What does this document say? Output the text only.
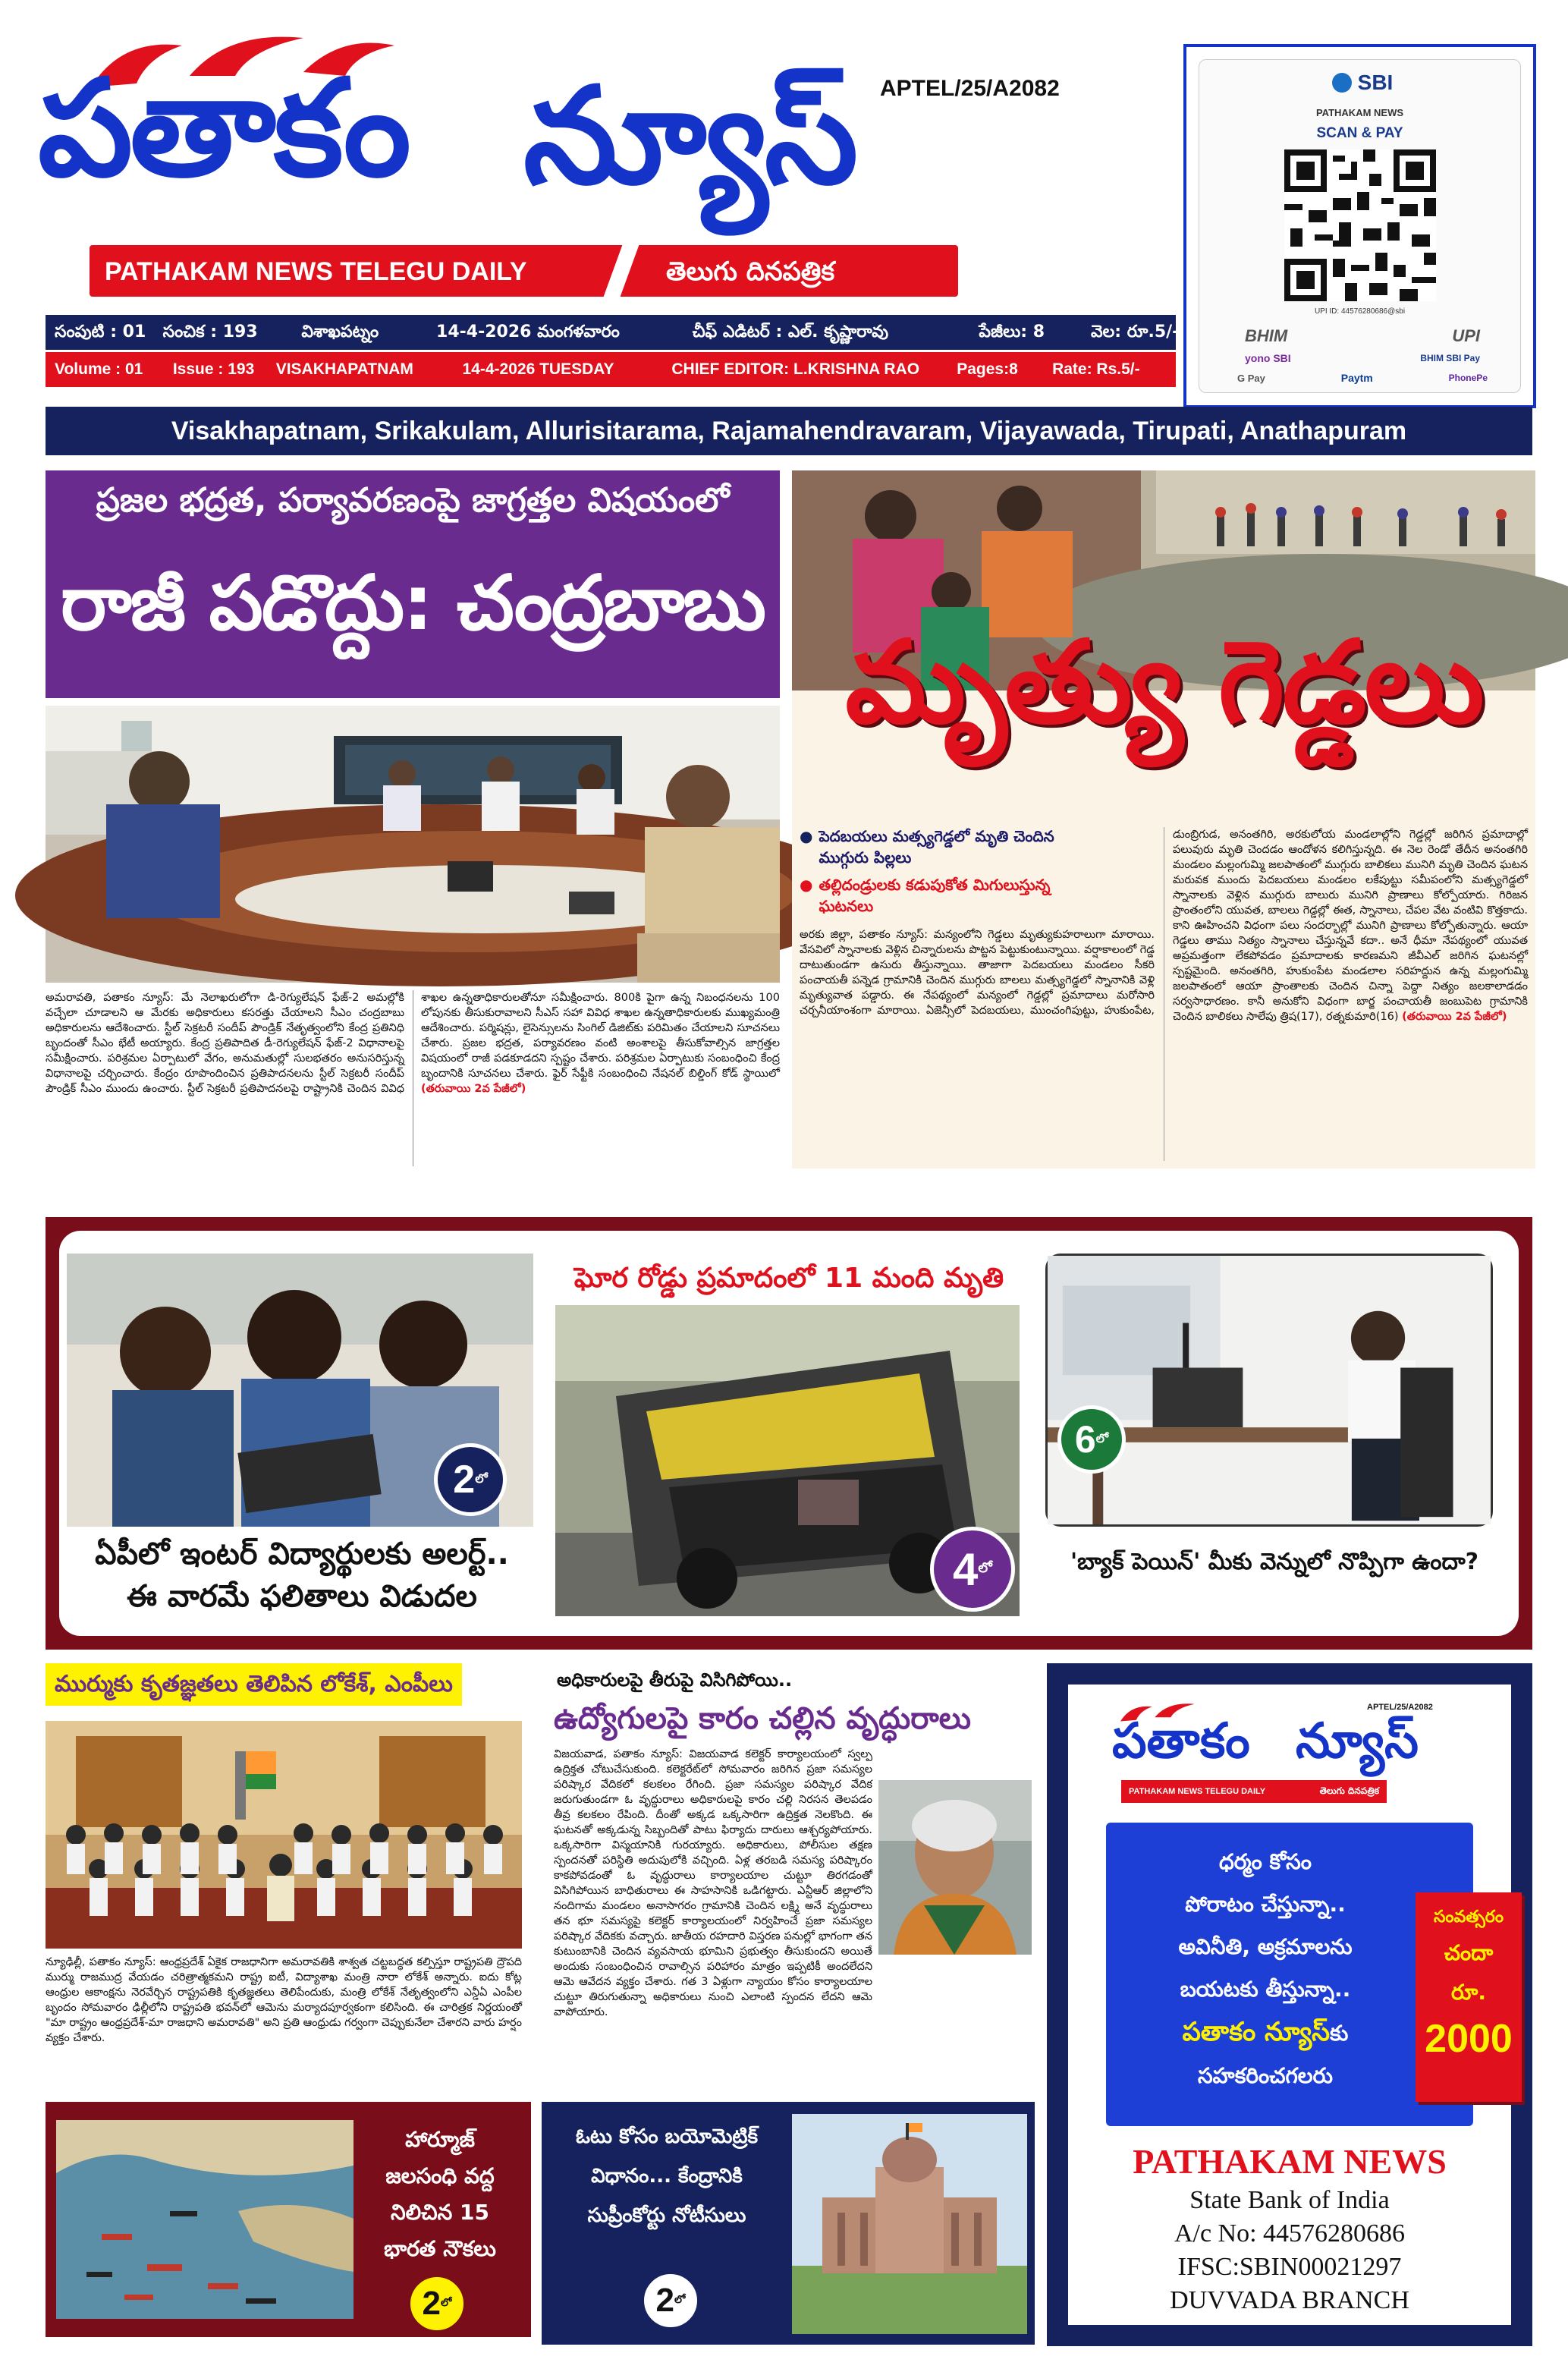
పతాకం న్యూస్	APTEL/25/A2082
PATHAKAM NEWS TELEGU DAILY	తెలుగు దినపత్రిక
సంపుటి : 01 సంచిక : 193	విశాఖపట్నం	14-4-2026 మంగళవారం	చీఫ్ ఎడిటర్ : ఎల్. కృష్ణారావు	పేజీలు: 8	వెల: రూ.5/-
Volume : 01 Issue : 193 VISAKHAPATNAM	14-4-2026 TUESDAY	CHIEF EDITOR: L.KRISHNA RAO Pages:8 Rate: Rs.5/-
SBI
PATHAKAM NEWS
SCAN & PAY
UPI ID: 44576280686@sbi
BHIM	UPI
yono SBI	BHIM SBI Pay
G Pay	Paytm	PhonePe
Visakhapatnam, Srikakulam, Allurisitarama, Rajamahendravaram, Vijayawada, Tirupati, Anathapuram
ప్రజల భద్రత, పర్యావరణంపై జాగ్రత్తల విషయంలో
రాజీ పడొద్దు: చంద్రబాబు

అమరావతి, పతాకం న్యూస్: మే నెలాఖరులోగా డి-రెగ్యులేషన్ ఫేజ్-2 అమల్లోకి వచ్చేలా చూడాలని ఆ మేరకు అధికారులు కసరత్తు చేయాలని సీఎం చంద్రబాబు అధికారులను ఆదేశించారు. స్టీల్ సెక్రటరీ సందీప్ పౌండ్రిక్ నేతృత్వంలోని కేంద్ర ప్రతినిధి బృందంతో సీఎం భేటీ అయ్యారు. కేంద్ర ప్రతిపాదిత డీ-రెగ్యులేషన్ ఫేజ్-2 విధానాలపై సమీక్షించారు. పరిశ్రమల ఏర్పాటులో వేగం, అనుమతుల్లో సులభతరం అనుసరిస్తున్న విధానాలపై చర్చించారు. కేంద్రం రూపొందించిన ప్రతిపాదనలను స్టీల్ సెక్రటరీ సందీప్ పౌండ్రిక్ సీఎం ముందు ఉంచారు. స్టీల్ సెక్రటరీ ప్రతిపాదనలపై రాష్ట్రానికి చెందిన వివిధ శాఖల ఉన్నతాధికారులతోనూ సమీక్షించారు. 800కి పైగా ఉన్న నిబంధనలను 100 లోపునకు తీసుకురావాలని సీఎస్ సహా వివిధ శాఖల ఉన్నతాధికారులకు ముఖ్యమంత్రి ఆదేశించారు. పర్మిషన్లు, లైసెన్సులను సింగిల్ డిజిట్‌కు పరిమితం చేయాలని సూచనలు చేశారు. ప్రజల భద్రత, పర్యావరణం వంటి అంశాలపై తీసుకోవాల్సిన జాగ్రత్తల విషయంలో రాజీ పడకూడదని స్పష్టం చేశారు. పరిశ్రమల ఏర్పాటుకు సంబంధించి కేంద్ర బృందానికి సూచనలు చేశారు. ఫైర్ సేఫ్టీకి సంబంధించి నేషనల్ బిల్డింగ్ కోడ్ స్థాయిలో (తరువాయి 2వ పేజీలో)

మృత్యు గెడ్డలు
● పెదబయలు మత్స్యగెడ్డలో మృతి చెందిన ముగ్గురు పిల్లలు
● తల్లిదండ్రులకు కడుపుకోత మిగులుస్తున్న ఘటనలు

అరకు జిల్లా, పతాకం న్యూస్: మన్యంలోని గెడ్డలు మృత్యుకుహరాలుగా మారాయి. వేసవిలో స్నానాలకు వెళ్లిన చిన్నారులను పొట్టన పెట్టుకుంటున్నాయి. వర్షాకాలంలో గెడ్డ దాటుతుండగా ఉసురు తీస్తున్నాయి. తాజాగా పెదబయలు మండలం సీకరి పంచాయతీ పన్నెడ గ్రామానికి చెందిన ముగ్గురు బాలలు మత్స్యగెడ్డలో స్నానానికి వెళ్లి మృత్యువాత పడ్డారు. ఈ నేపథ్యంలో మన్యంలో గెడ్డల్లో ప్రమాదాలు మరోసారి చర్చనీయాంశంగా మారాయి. ఏజెన్సీలో పెదబయలు, ముంచంగిపుట్టు, హుకుంపేట, డుంబ్రిగుడ, అనంతగిరి, అరకులోయ మండలాల్లోని గెడ్డల్లో జరిగిన ప్రమాదాల్లో పలువురు మృతి చెందడం ఆందోళన కలిగిస్తున్నది. ఈ నెల రెండో తేదీన అనంతగిరి మండలం మల్లంగుమ్మి జలపాతంలో ముగ్గురు బాలికలు మునిగి మృతి చెందిన ఘటన మరువక ముందు పెదబయలు మండలం లకేపుట్టు సమీపంలోని మత్స్యగెడ్డలో స్నానాలకు వెళ్లిన ముగ్గురు బాలురు మునిగి ప్రాణాలు కోల్పోయారు. గిరిజన ప్రాంతంలోని యువత, బాలలు గెడ్డల్లో ఈత, స్నానాలు, చేపల వేట వంటివి కొత్తకాదు. కాని ఊహించని విధంగా పలు సందర్భాల్లో మునిగి ప్రాణాలు కోల్పోతున్నారు. ఆయా గెడ్డలు తాము నిత్యం స్నానాలు చేస్తున్నవే కదా.. అనే ధీమా నేపథ్యంలో యువత అప్రమత్తంగా లేకపోవడం ప్రమాదాలకు కారణమని జీవీఎల్ జరిగిన ఘటనల్లో స్పష్టమైంది. అనంతగిరి, హుకుంపేట మండలాల సరిహద్దున ఉన్న మల్లంగుమ్మి జలపాతంలో ఆయా ప్రాంతాలకు చెందిన చిన్నా పెద్దా నిత్యం జలకాలాడడం సర్వసాధారణం. కానీ అనుకోని విధంగా బార్జ పంచాయతీ జంబుపెట గ్రామానికి చెందిన బాలికలు సాలేపు త్రిష(17), రత్నకుమారి(16) (తరువాయి 2వ పేజీలో)

2 లో
ఏపీలో ఇంటర్ విద్యార్థులకు అలర్ట్..
ఈ వారమే ఫలితాలు విడుదల
ఘోర రోడ్డు ప్రమాదంలో 11 మంది మృతి
4 లో
6 లో
'బ్యాక్ పెయిన్' మీకు వెన్నులో నొప్పిగా ఉందా?
ముర్ముకు కృతజ్ఞతలు తెలిపిన లోకేశ్, ఎంపీలు	అధికారులపై తీరుపై విసిగిపోయి..
ఉద్యోగులపై కారం చల్లిన వృద్ధురాలు

న్యూఢిల్లీ, పతాకం న్యూస్: ఆంధ్రప్రదేశ్ ఏకైక రాజధానిగా అమరావతికి శాశ్వత చట్టబద్ధత కల్పిస్తూ రాష్ట్రపతి ద్రౌపది ముర్ము రాజముద్ర వేయడం చరిత్రాత్మకమని రాష్ట్ర ఐటీ, విద్యాశాఖ మంత్రి నారా లోకేశ్ అన్నారు. ఐదు కోట్ల ఆంధ్రుల ఆకాంక్షను నెరవేర్చిన రాష్ట్రపతికి కృతజ్ఞతలు తెలిపేందుకు, మంత్రి లోకేశ్ నేతృత్వంలోని ఎన్డీఏ ఎంపీల బృందం సోమవారం ఢిల్లీలోని రాష్ట్రపతి భవన్‌లో ఆమెను మర్యాదపూర్వకంగా కలిసింది. ఈ చారిత్రక నిర్ణయంతో "మా రాష్ట్రం ఆంధ్రప్రదేశ్-మా రాజధాని అమరావతి" అని ప్రతి ఆంధ్రుడు గర్వంగా చెప్పుకునేలా చేశారని వారు హర్షం వ్యక్తం చేశారు.

విజయవాడ, పతాకం న్యూస్: విజయవాడ కలెక్టర్ కార్యాలయంలో స్వల్ప ఉద్రిక్తత చోటుచేసుకుంది. కలెక్టరేట్‌లో సోమవారం జరిగిన ప్రజా సమస్యల పరిష్కార వేదికలో కలకలం రేగింది. ప్రజా సమస్యల పరిష్కార వేదిక జరుగుతుండగా ఓ వృద్ధురాలు అధికారులపై కారం చల్లి నిరసన తెలపడం తీవ్ర కలకలం రేపింది. దీంతో అక్కడ ఒక్కసారిగా ఉద్రిక్తత నెలకొంది. ఈ ఘటనతో అక్కడున్న సిబ్బందితో పాటు ఫిర్యాదు దారులు ఆశ్చర్యపోయారు. ఒక్కసారిగా విస్మయానికి గురయ్యారు. అధికారులు, పోలీసుల తక్షణ స్పందనతో పరిస్థితి అదుపులోకి వచ్చింది. ఏళ్ల తరబడి సమస్య పరిష్కారం కాకపోవడంతో ఓ వృద్ధురాలు కార్యాలయాల చుట్టూ తిరగడంతో విసిగిపోయిన బాధితురాలు ఈ సాహసానికి ఒడిగట్టారు. ఎన్టీఆర్ జిల్లాలోని నందిగామ మండలం అనాసాగరం గ్రామానికి చెందిన లక్ష్మి అనే వృద్ధురాలు తన భూ సమస్యపై కలెక్టర్ కార్యాలయంలో నిర్వహించే ప్రజా సమస్యల పరిష్కార వేదికకు వచ్చారు. జాతీయ రహదారి విస్తరణ పనుల్లో భాగంగా తన కుటుంబానికి చెందిన వ్యవసాయ భూమిని ప్రభుత్వం తీసుకుందని అయితే అందుకు సంబంధించిన రావాల్సిన పరిహారం మాత్రం ఇప్పటికీ అందలేదని ఆమె ఆవేదన వ్యక్తం చేశారు. గత 3 ఏళ్లుగా న్యాయం కోసం కార్యాలయాల చుట్టూ తిరుగుతున్నా అధికారులు నుంచి ఎలాంటి స్పందన లేదని ఆమె వాపోయారు.

హార్మూజ్
జలసంధి వద్ద
నిలిచిన 15
భారత నౌకలు
2 లో
ఓటు కోసం బయోమెట్రిక్
విధానం... కేంద్రానికి
సుప్రీంకోర్టు నోటీసులు
2 లో
APTEL/25/A2082
పతాకం న్యూస్
PATHAKAM NEWS TELEGU DAILY	తెలుగు దినపత్రిక
ధర్మం కోసం
పోరాటం చేస్తున్నా..
అవినీతి, అక్రమాలను
బయటకు తీస్తున్నా..
పతాకం న్యూస్కు
సహకరించగలరు
సంవత్సరం
చందా
రూ.
2000
PATHAKAM NEWS
State Bank of India
A/c No: 44576280686
IFSC:SBIN00021297
DUVVADA BRANCH
